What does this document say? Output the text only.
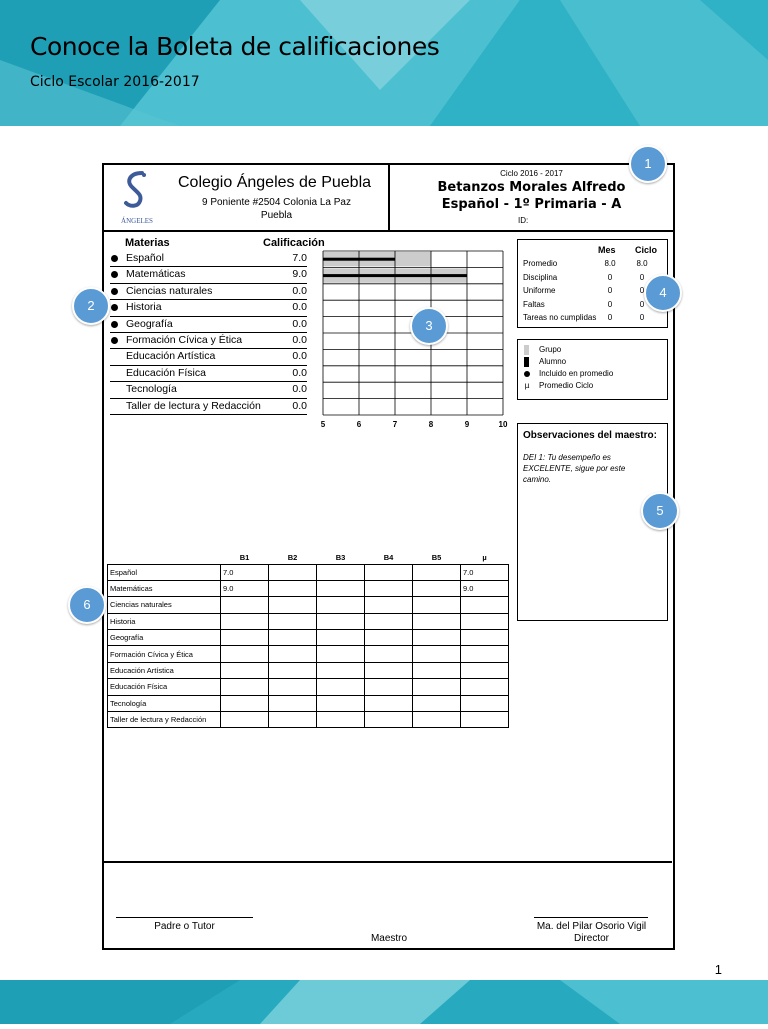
Conoce la Boleta de calificaciones
Ciclo Escolar 2016-2017
ÁNGELES
Colegio Ángeles de Puebla
9 Poniente #2504 Colonia La Paz
Puebla
Ciclo 2016 - 2017
Betanzos Morales Alfredo
Español - 1º Primaria - A
ID:
Materias	Calificación
Español	7.0
Matemáticas	9.0
Ciencias naturales	0.0
Historia	0.0
Geografía	0.0
Formación Cívica y Ética	0.0
Educación Artística	0.0
Educación Física	0.0
Tecnología	0.0
Taller de lectura y Redacción	0.0
5	6	7	8	9	10
Mes Ciclo
Promedio	8.0	8.0
Disciplina	0	0
Uniforme	0	0
Faltas	0	0
Tareas no cumplidas	0	0
Grupo
Alumno
Incluido en promedio
µ Promedio Ciclo
Observaciones del maestro:
DEI 1: Tu desempeño es EXCELENTE, sigue por este camino.
	B1	B2	B3	B4	B5	µ
Español	7.0					7.0
Matemáticas	9.0					9.0
Ciencias naturales						
Historia						
Geografía						
Formación Cívica y Ética						
Educación Artística						
Educación Física						
Tecnología						
Taller de lectura y Redacción						
Padre o Tutor
Maestro
Ma. del Pilar Osorio Vigil
Director
1
2
3
4
5
6
1
